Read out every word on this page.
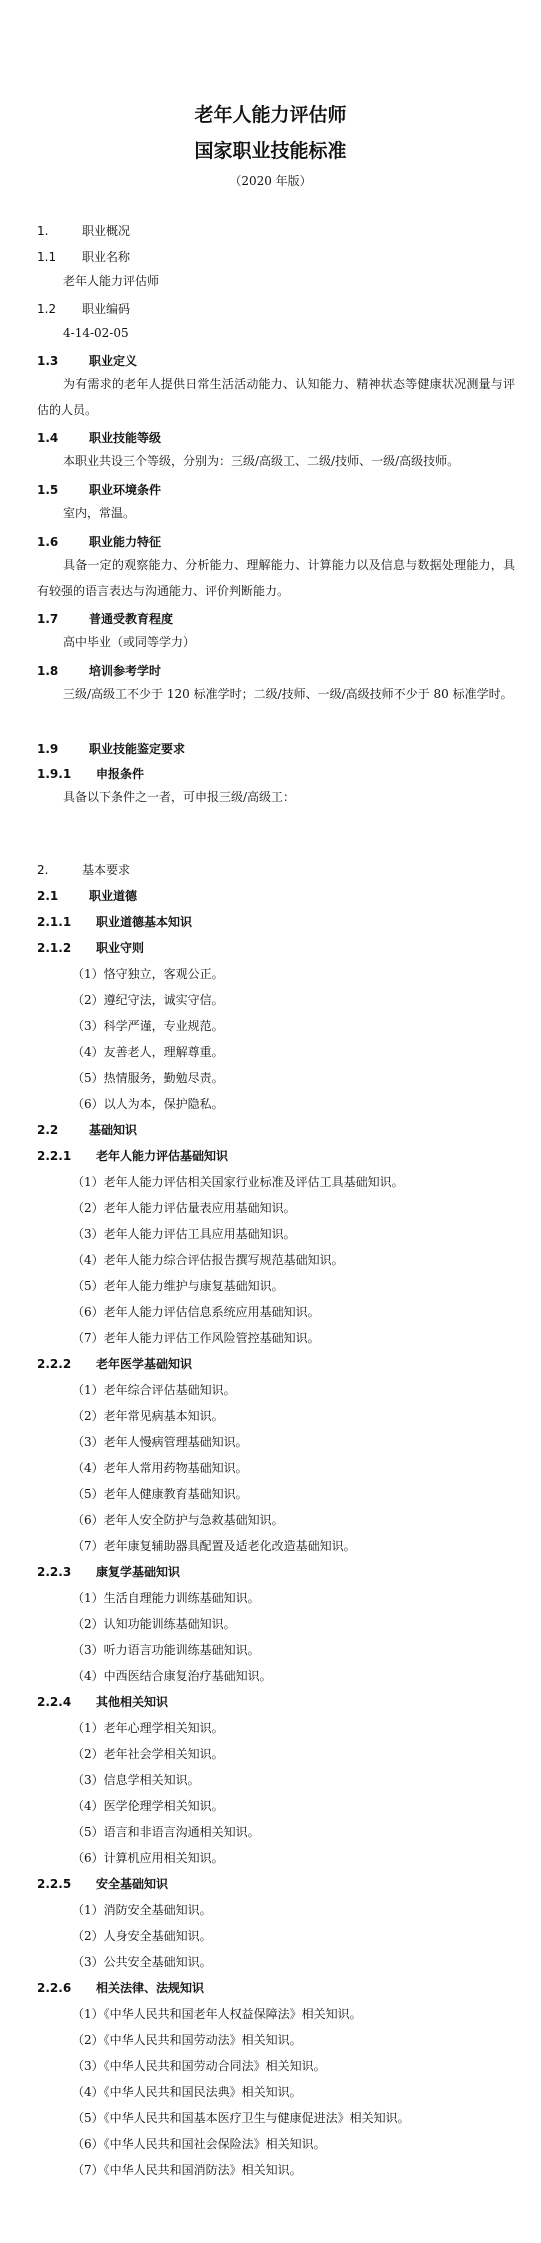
老年人能力评估师
国家职业技能标准
（2020 年版）
1.	职业概况
1.1 职业名称
老年人能力评估师
1.2 职业编码
4-14-02-05
1.3	职业定义
为有需求的老年人提供日常生活活动能力、认知能力、精神状态等健康状况测量与评估的人员。
1.4	职业技能等级
本职业共设三个等级，分别为：三级/高级工、二级/技师、一级/高级技师。
1.5	职业环境条件
室内，常温。
1.6	职业能力特征
具备一定的观察能力、分析能力、理解能力、计算能力以及信息与数据处理能力，具有较强的语言表达与沟通能力、评价判断能力。
1.7	普通受教育程度
高中毕业（或同等学力）
1.8	培训参考学时
三级/高级工不少于 120 标准学时；二级/技师、一级/高级技师不少于 80 标准学时。
1.9	职业技能鉴定要求
1.9.1 申报条件
具备以下条件之一者，可申报三级/高级工：
2.	基本要求
2.1	职业道德
2.1.1 职业道德基本知识
2.1.2 职业守则
（1）恪守独立，客观公正。
（2）遵纪守法，诚实守信。
（3）科学严谨，专业规范。
（4）友善老人，理解尊重。
（5）热情服务，勤勉尽责。
（6）以人为本，保护隐私。
2.2	基础知识
2.2.1 老年人能力评估基础知识
（1）老年人能力评估相关国家行业标准及评估工具基础知识。
（2）老年人能力评估量表应用基础知识。
（3）老年人能力评估工具应用基础知识。
（4）老年人能力综合评估报告撰写规范基础知识。
（5）老年人能力维护与康复基础知识。
（6）老年人能力评估信息系统应用基础知识。
（7）老年人能力评估工作风险管控基础知识。
2.2.2 老年医学基础知识
（1）老年综合评估基础知识。
（2）老年常见病基本知识。
（3）老年人慢病管理基础知识。
（4）老年人常用药物基础知识。
（5）老年人健康教育基础知识。
（6）老年人安全防护与急救基础知识。
（7）老年康复辅助器具配置及适老化改造基础知识。
2.2.3 康复学基础知识
（1）生活自理能力训练基础知识。
（2）认知功能训练基础知识。
（3）听力语言功能训练基础知识。
（4）中西医结合康复治疗基础知识。
2.2.4 其他相关知识
（1）老年心理学相关知识。
（2）老年社会学相关知识。
（3）信息学相关知识。
（4）医学伦理学相关知识。
（5）语言和非语言沟通相关知识。
（6）计算机应用相关知识。
2.2.5 安全基础知识
（1）消防安全基础知识。
（2）人身安全基础知识。
（3）公共安全基础知识。
2.2.6 相关法律、法规知识
（1）《中华人民共和国老年人权益保障法》相关知识。
（2）《中华人民共和国劳动法》相关知识。
（3）《中华人民共和国劳动合同法》相关知识。
（4）《中华人民共和国民法典》相关知识。
（5）《中华人民共和国基本医疗卫生与健康促进法》相关知识。
（6）《中华人民共和国社会保险法》相关知识。
（7）《中华人民共和国消防法》相关知识。
